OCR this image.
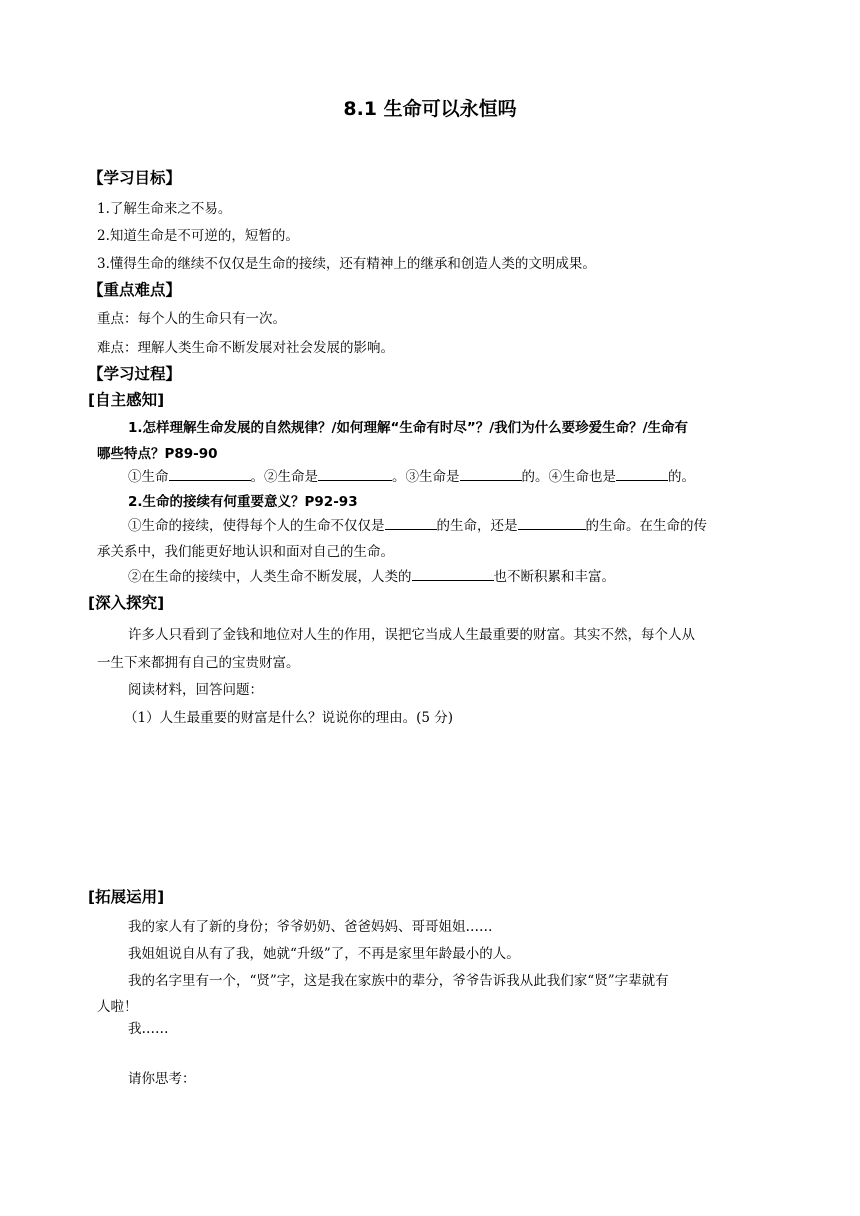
8.1 生命可以永恒吗
【学习目标】
1.了解生命来之不易。
2.知道生命是不可逆的，短暂的。
3.懂得生命的继续不仅仅是生命的接续，还有精神上的继承和创造人类的文明成果。
【重点难点】
重点：每个人的生命只有一次。
难点：理解人类生命不断发展对社会发展的影响。
【学习过程】
[自主感知]
1.怎样理解生命发展的自然规律？/如何理解“生命有时尽”？/我们为什么要珍爱生命？/生命有
哪些特点？P89-90
①生命	。②生命是	。③生命是	的。④生命也是	的。
2.生命的接续有何重要意义？P92-93
①生命的接续，使得每个人的生命不仅仅是	的生命，还是	的生命。在生命的传
承关系中，我们能更好地认识和面对自己的生命。
②在生命的接续中，人类生命不断发展，人类的	也不断积累和丰富。
[深入探究]
许多人只看到了金钱和地位对人生的作用，误把它当成人生最重要的财富。其实不然，每个人从
一生下来都拥有自己的宝贵财富。
阅读材料，回答问题：
（1）人生最重要的财富是什么？说说你的理由。(5 分)
[拓展运用]
我的家人有了新的身份；爷爷奶奶、爸爸妈妈、哥哥姐姐……
我姐姐说自从有了我，她就“升级”了，不再是家里年龄最小的人。
我的名字里有一个，“贤”字，这是我在家族中的辈分，爷爷告诉我从此我们家“贤”字辈就有
人啦！
我……
请你思考：
